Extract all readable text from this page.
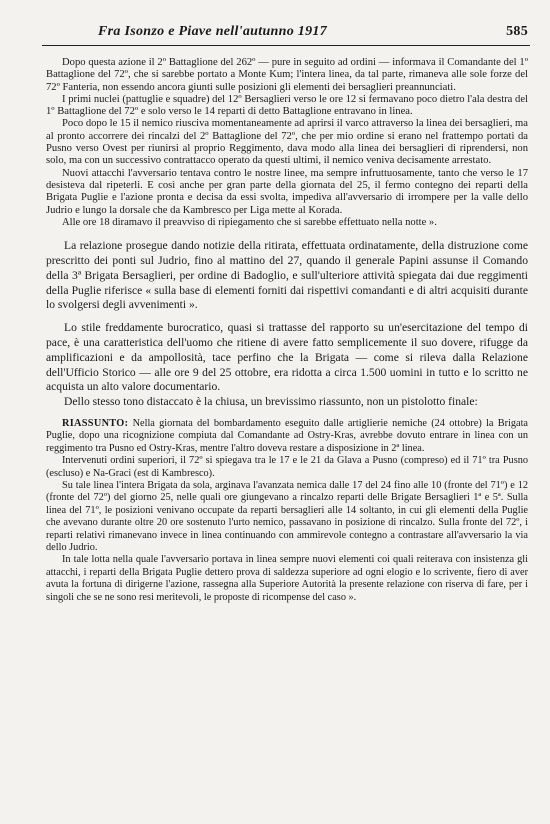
Fra Isonzo e Piave nell'autunno 1917	585

Dopo questa azione il 2º Battaglione del 262º — pure in seguito ad ordini — informava il Comandante del 1º Battaglione del 72º, che si sarebbe portato a Monte Kum; l'intera linea, da tal parte, rimaneva alle sole forze del 72º Fanteria, non essendo ancora giunti sulle posizioni gli elementi dei bersaglieri preannunciati.

I primi nuclei (pattuglie e squadre) del 12º Bersaglieri verso le ore 12 si fermavano poco dietro l'ala destra del 1º Battaglione del 72º e solo verso le 14 reparti di detto Battaglione entravano in linea.

Poco dopo le 15 il nemico riusciva momentaneamente ad aprirsi il varco attraverso la linea dei bersaglieri, ma al pronto accorrere dei rincalzi del 2º Battaglione del 72º, che per mio ordine si erano nel frattempo portati da Pusno verso Ovest per riunirsi al proprio Reggimento, dava modo alla linea dei bersaglieri di riprendersi, non solo, ma con un successivo contrattacco operato da questi ultimi, il nemico veniva decisamente arrestato.

Nuovi attacchi l'avversario tentava contro le nostre linee, ma sempre infruttuosamente, tanto che verso le 17 desisteva dal ripeterli. E così anche per gran parte della giornata del 25, il fermo contegno dei reparti della Brigata Puglie e l'azione pronta e decisa da essi svolta, impediva all'avversario di irrompere per la valle dello Judrio e lungo la dorsale che da Kambresco per Liga mette al Korada.

Alle ore 18 diramavo il preavviso di ripiegamento che si sarebbe effettuato nella notte ».

La relazione prosegue dando notizie della ritirata, effettuata ordinatamente, della distruzione come prescritto dei ponti sul Judrio, fino al mattino del 27, quando il generale Papini assunse il Comando della 3ª Brigata Bersaglieri, per ordine di Badoglio, e sull'ulteriore attività spiegata dai due reggimenti della Puglie riferisce « sulla base di elementi forniti dai rispettivi comandanti e di altri acquisiti durante lo svolgersi degli avvenimenti ».

Lo stile freddamente burocratico, quasi si trattasse del rapporto su un'esercitazione del tempo di pace, è una caratteristica dell'uomo che ritiene di avere fatto semplicemente il suo dovere, rifugge da amplificazioni e da ampollosità, tace perfino che la Brigata — come si rileva dalla Relazione dell'Ufficio Storico — alle ore 9 del 25 ottobre, era ridotta a circa 1.500 uomini in tutto e lo scritto ne acquista un alto valore documentario.

Dello stesso tono distaccato è la chiusa, un brevissimo riassunto, non un pistolotto finale:

RIASSUNTO: Nella giornata del bombardamento eseguito dalle artiglierie nemiche (24 ottobre) la Brigata Puglie, dopo una ricognizione compiuta dal Comandante ad Ostry-Kras, avrebbe dovuto entrare in linea con un reggimento tra Pusno ed Ostry-Kras, mentre l'altro doveva restare a disposizione in 2ª linea.

Intervenuti ordini superiori, il 72º si spiegava tra le 17 e le 21 da Glava a Pusno (compreso) ed il 71º tra Pusno (escluso) e Na-Graci (est di Kambresco).

Su tale linea l'intera Brigata da sola, arginava l'avanzata nemica dalle 17 del 24 fino alle 10 (fronte del 71º) e 12 (fronte del 72º) del giorno 25, nelle quali ore giungevano a rincalzo reparti delle Brigate Bersaglieri 1ª e 5ª. Sulla linea del 71º, le posizioni venivano occupate da reparti bersaglieri alle 14 soltanto, in cui gli elementi della Puglie che avevano durante oltre 20 ore sostenuto l'urto nemico, passavano in posizione di rincalzo. Sulla fronte del 72º, i reparti relativi rimanevano invece in linea continuando con ammirevole contegno a contrastare all'avversario la via dello Judrio.

In tale lotta nella quale l'avversario portava in linea sempre nuovi elementi coi quali reiterava con insistenza gli attacchi, i reparti della Brigata Puglie dettero prova di saldezza superiore ad ogni elogio e lo scrivente, fiero di aver avuta la fortuna di dirigerne l'azione, rassegna alla Superiore Autorità la presente relazione con riserva di fare, per i singoli che se ne sono resi meritevoli, le proposte di ricompense del caso ».
